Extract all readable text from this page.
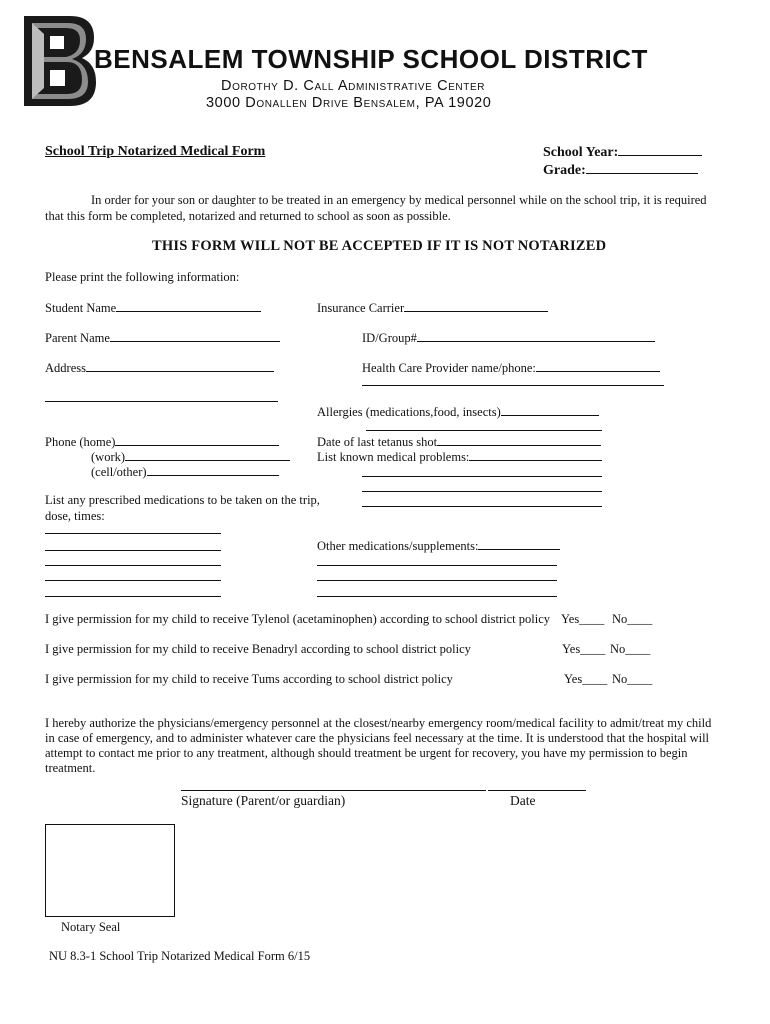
BENSALEM TOWNSHIP SCHOOL DISTRICT
Dorothy D. Call Administrative Center
3000 Donallen Drive Bensalem, PA 19020
School Trip Notarized Medical Form	School Year:
Grade:
In order for your son or daughter to be treated in an emergency by medical personnel while on the school trip, it is required
that this form be completed, notarized and returned to school as soon as possible.
THIS FORM WILL NOT BE ACCEPTED IF IT IS NOT NOTARIZED
Please print the following information:
Student Name
Parent Name
Address
Phone (home)
(work)
(cell/other)
List any prescribed medications to be taken on the trip,
dose, times:
Insurance Carrier
ID/Group#
Health Care Provider name/phone:
Allergies (medications,food, insects)
Date of last tetanus shot
List known medical problems:
Other medications/supplements:
I give permission for my child to receive Tylenol (acetaminophen) according to school district policy Yes____ No____
I give permission for my child to receive Benadryl according to school district policy	Yes____ No____
I give permission for my child to receive Tums according to school district policy	Yes____ No____
I hereby authorize the physicians/emergency personnel at the closest/nearby emergency room/medical facility to admit/treat my child
in case of emergency, and to administer whatever care the physicians feel necessary at the time. It is understood that the hospital will
attempt to contact me prior to any treatment, although should treatment be urgent for recovery, you have my permission to begin
treatment.
Signature (Parent/or guardian)	Date
Notary Seal
NU 8.3-1 School Trip Notarized Medical Form 6/15
